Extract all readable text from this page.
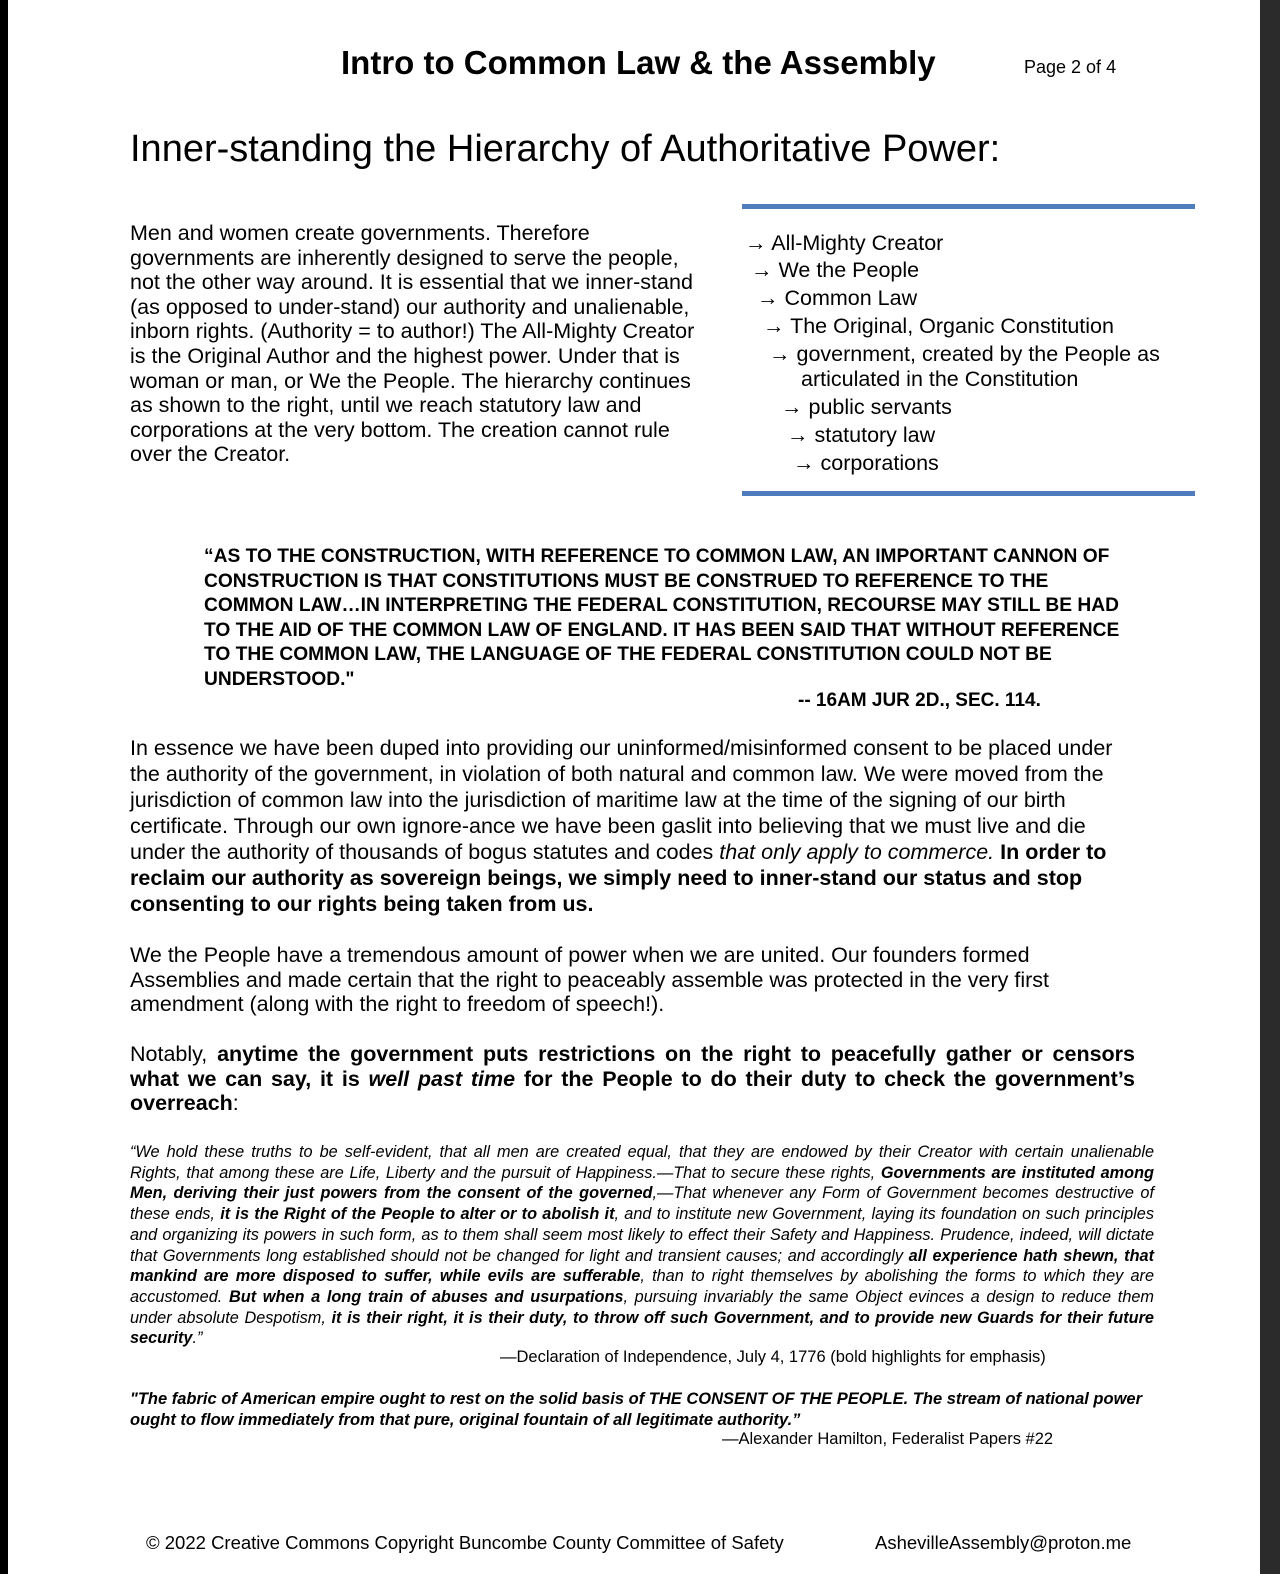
Intro to Common Law & the Assembly	Page 2 of 4
Inner-standing the Hierarchy of Authoritative Power:
Men and women create governments. Therefore governments are inherently designed to serve the people, not the other way around. It is essential that we inner-stand (as opposed to under-stand) our authority and unalienable, inborn rights. (Authority = to author!) The All-Mighty Creator is the Original Author and the highest power. Under that is woman or man, or We the People. The hierarchy continues as shown to the right, until we reach statutory law and corporations at the very bottom. The creation cannot rule over the Creator.
→ All-Mighty Creator
→ We the People
→ Common Law
→ The Original, Organic Constitution
→ government, created by the People as
articulated in the Constitution
→ public servants
→ statutory law
→ corporations
“AS TO THE CONSTRUCTION, WITH REFERENCE TO COMMON LAW, AN IMPORTANT CANNON OF CONSTRUCTION IS THAT CONSTITUTIONS MUST BE CONSTRUED TO REFERENCE TO THE COMMON LAW…IN INTERPRETING THE FEDERAL CONSTITUTION, RECOURSE MAY STILL BE HAD TO THE AID OF THE COMMON LAW OF ENGLAND. IT HAS BEEN SAID THAT WITHOUT REFERENCE TO THE COMMON LAW, THE LANGUAGE OF THE FEDERAL CONSTITUTION COULD NOT BE UNDERSTOOD."
-- 16AM JUR 2D., SEC. 114.
In essence we have been duped into providing our uninformed/misinformed consent to be placed under the authority of the government, in violation of both natural and common law. We were moved from the jurisdiction of common law into the jurisdiction of maritime law at the time of the signing of our birth certificate. Through our own ignore-ance we have been gaslit into believing that we must live and die under the authority of thousands of bogus statutes and codes that only apply to commerce. In order to reclaim our authority as sovereign beings, we simply need to inner-stand our status and stop consenting to our rights being taken from us.
We the People have a tremendous amount of power when we are united. Our founders formed Assemblies and made certain that the right to peaceably assemble was protected in the very first amendment (along with the right to freedom of speech!).
Notably, anytime the government puts restrictions on the right to peacefully gather or censors what we can say, it is well past time for the People to do their duty to check the government’s overreach:
“We hold these truths to be self-evident, that all men are created equal, that they are endowed by their Creator with certain unalienable Rights, that among these are Life, Liberty and the pursuit of Happiness.—That to secure these rights, Governments are instituted among Men, deriving their just powers from the consent of the governed,—That whenever any Form of Government becomes destructive of these ends, it is the Right of the People to alter or to abolish it, and to institute new Government, laying its foundation on such principles and organizing its powers in such form, as to them shall seem most likely to effect their Safety and Happiness. Prudence, indeed, will dictate that Governments long established should not be changed for light and transient causes; and accordingly all experience hath shewn, that mankind are more disposed to suffer, while evils are sufferable, than to right themselves by abolishing the forms to which they are accustomed. But when a long train of abuses and usurpations, pursuing invariably the same Object evinces a design to reduce them under absolute Despotism, it is their right, it is their duty, to throw off such Government, and to provide new Guards for their future security.”
—Declaration of Independence, July 4, 1776 (bold highlights for emphasis)
"The fabric of American empire ought to rest on the solid basis of THE CONSENT OF THE PEOPLE. The stream of national power ought to flow immediately from that pure, original fountain of all legitimate authority.”
—Alexander Hamilton, Federalist Papers #22
© 2022 Creative Commons Copyright Buncombe County Committee of Safety	AshevilleAssembly@proton.me
